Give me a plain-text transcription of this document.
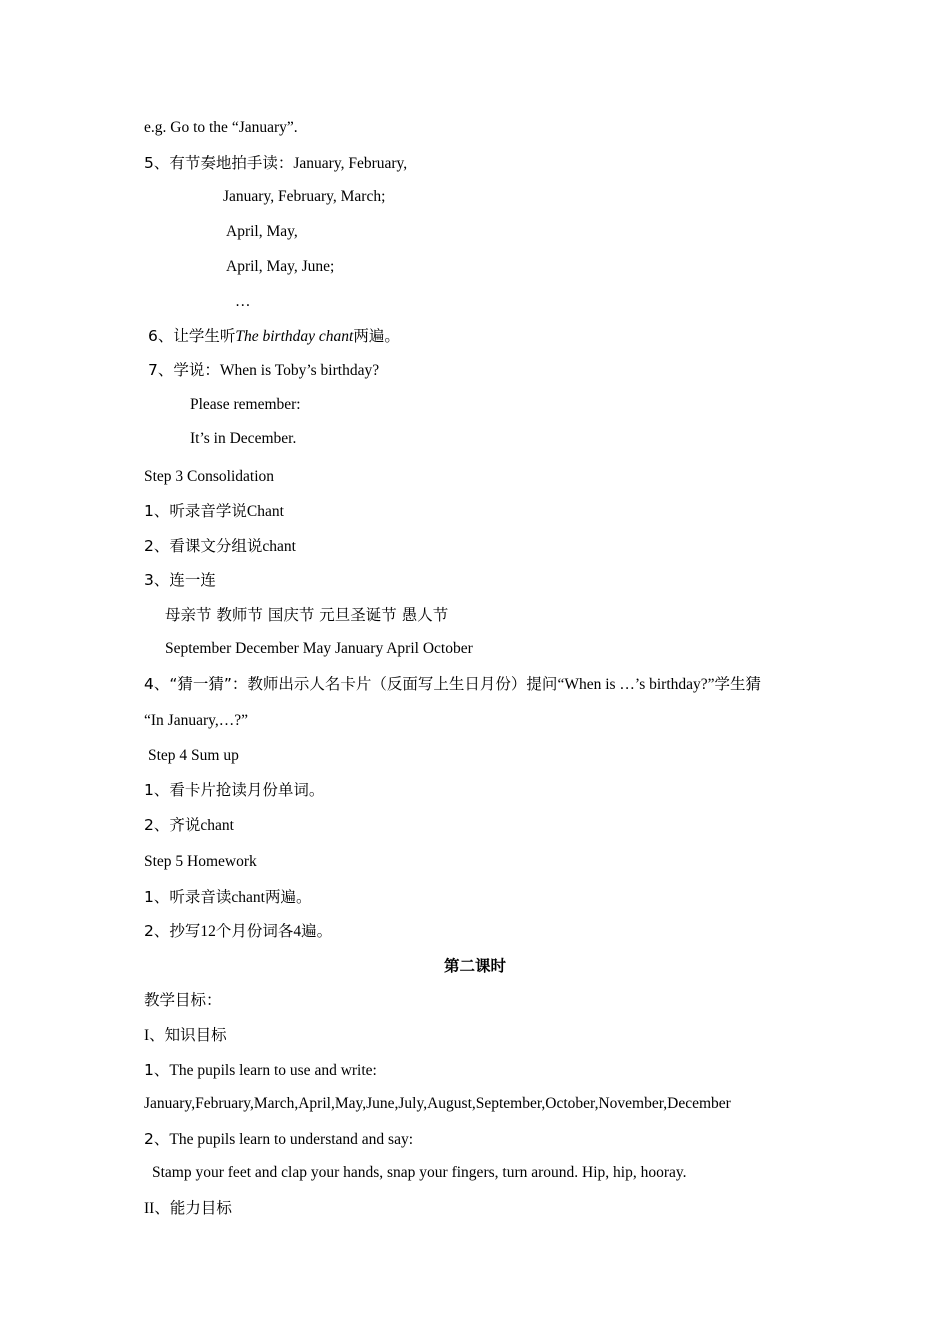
e.g. Go to the “January”.
5、有节奏地拍手读：January, February,
January, February, March;
April, May,
April, May, June;
…
6、让学生听The birthday chant两遍。
7、学说：When is Toby’s birthday?
Please remember:
It’s in December.
Step 3 Consolidation
1、听录音学说Chant
2、看课文分组说chant
3、连一连
母亲节 教师节 国庆节 元旦圣诞节 愚人节
September December May January April October
4、“猜一猜”：教师出示人名卡片（反面写上生日月份）提问“When is …’s birthday?”学生猜
“In January,…?”
Step 4 Sum up
1、看卡片抢读月份单词。
2、齐说chant
Step 5 Homework
1、听录音读chant两遍。
2、抄写12个月份词各4遍。
第二课时
教学目标：
I、知识目标
1、The pupils learn to use and write:
January,February,March,April,May,June,July,August,September,October,November,December
2、The pupils learn to understand and say:
Stamp your feet and clap your hands, snap your fingers, turn around. Hip, hip, hooray.
II、能力目标
